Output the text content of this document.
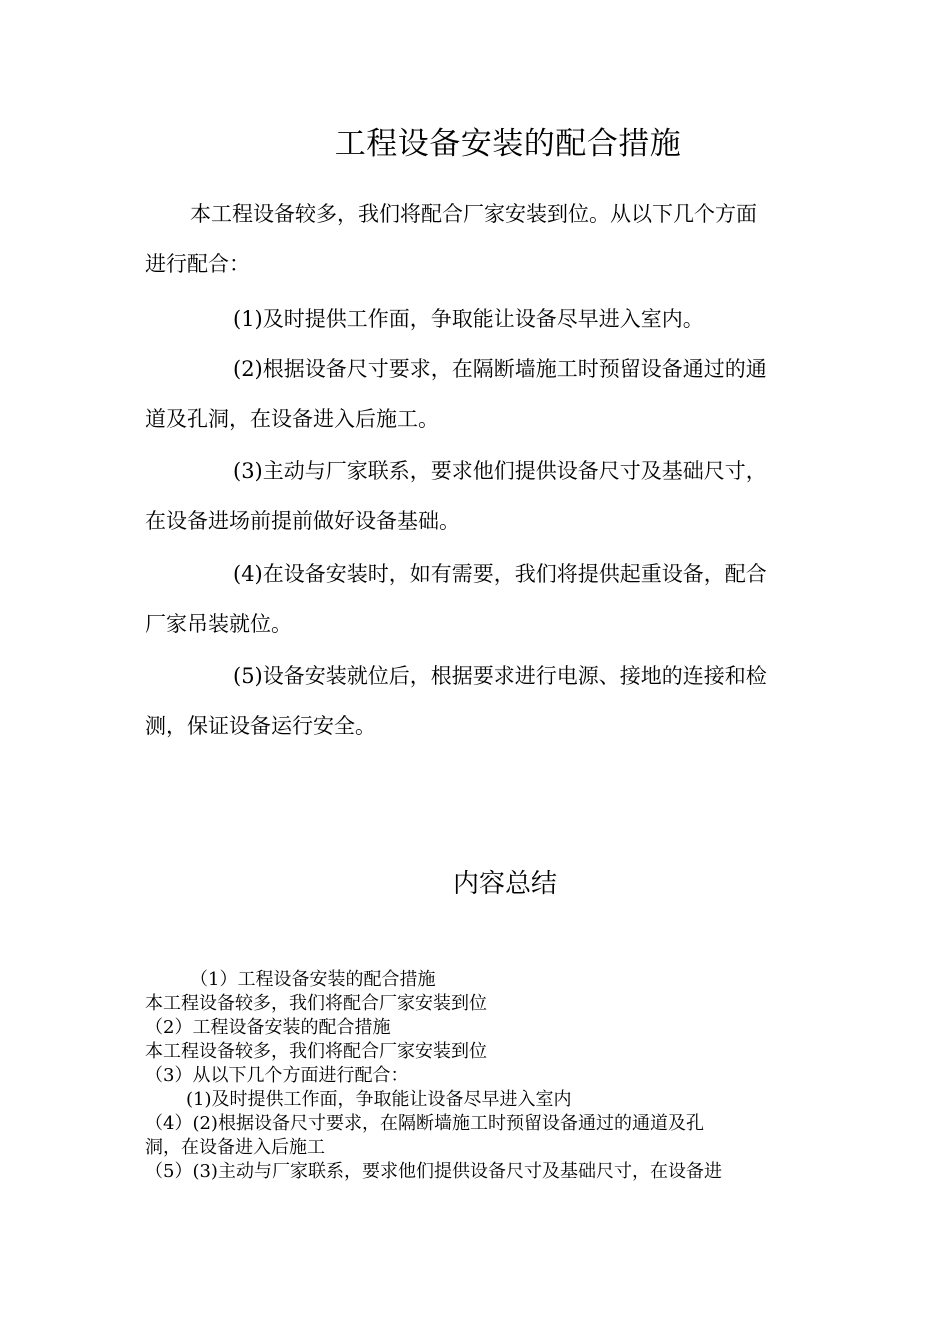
工程设备安装的配合措施
本工程设备较多，我们将配合厂家安装到位。从以下几个方面
进行配合：
(1)及时提供工作面，争取能让设备尽早进入室内。
(2)根据设备尺寸要求，在隔断墙施工时预留设备通过的通
道及孔洞，在设备进入后施工。
(3)主动与厂家联系，要求他们提供设备尺寸及基础尺寸，
在设备进场前提前做好设备基础。
(4)在设备安装时，如有需要，我们将提供起重设备，配合
厂家吊装就位。
(5)设备安装就位后，根据要求进行电源、接地的连接和检
测，保证设备运行安全。
内容总结
（1）工程设备安装的配合措施
本工程设备较多，我们将配合厂家安装到位
（2）工程设备安装的配合措施
本工程设备较多，我们将配合厂家安装到位
（3）从以下几个方面进行配合：
(1)及时提供工作面，争取能让设备尽早进入室内
（4）(2)根据设备尺寸要求，在隔断墙施工时预留设备通过的通道及孔
洞，在设备进入后施工
（5）(3)主动与厂家联系，要求他们提供设备尺寸及基础尺寸，在设备进
